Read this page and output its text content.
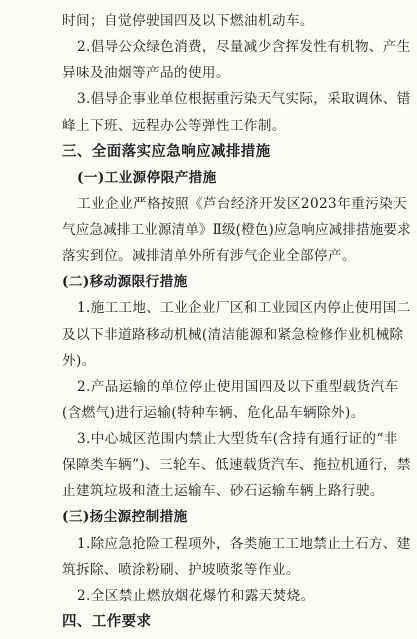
时间；自觉停驶国四及以下燃油机动车。
2.倡导公众绿色消费，尽量减少含挥发性有机物、产生
异味及油烟等产品的使用。
3.倡导企事业单位根据重污染天气实际，采取调休、错
峰上下班、远程办公等弹性工作制。
三、全面落实应急响应减排措施
(一)工业源停限产措施
工业企业严格按照《芦台经济开发区2023年重污染天
气应急减排工业源清单》Ⅱ级(橙色)应急响应减排措施要求
落实到位。减排清单外所有涉气企业全部停产。
(二)移动源限行措施
1.施工工地、工业企业厂区和工业园区内停止使用国二
及以下非道路移动机械(清洁能源和紧急检修作业机械除
外)。
2.产品运输的单位停止使用国四及以下重型载货汽车
(含燃气)进行运输(特种车辆、危化品车辆除外)。
3.中心城区范围内禁止大型货车(含持有通行证的“非
保障类车辆”)、三轮车、低速载货汽车、拖拉机通行，禁
止建筑垃圾和渣土运输车、砂石运输车辆上路行驶。
(三)扬尘源控制措施
1.除应急抢险工程项外，各类施工工地禁止土石方、建
筑拆除、喷涂粉刷、护坡喷浆等作业。
2.全区禁止燃放烟花爆竹和露天焚烧。
四、工作要求
